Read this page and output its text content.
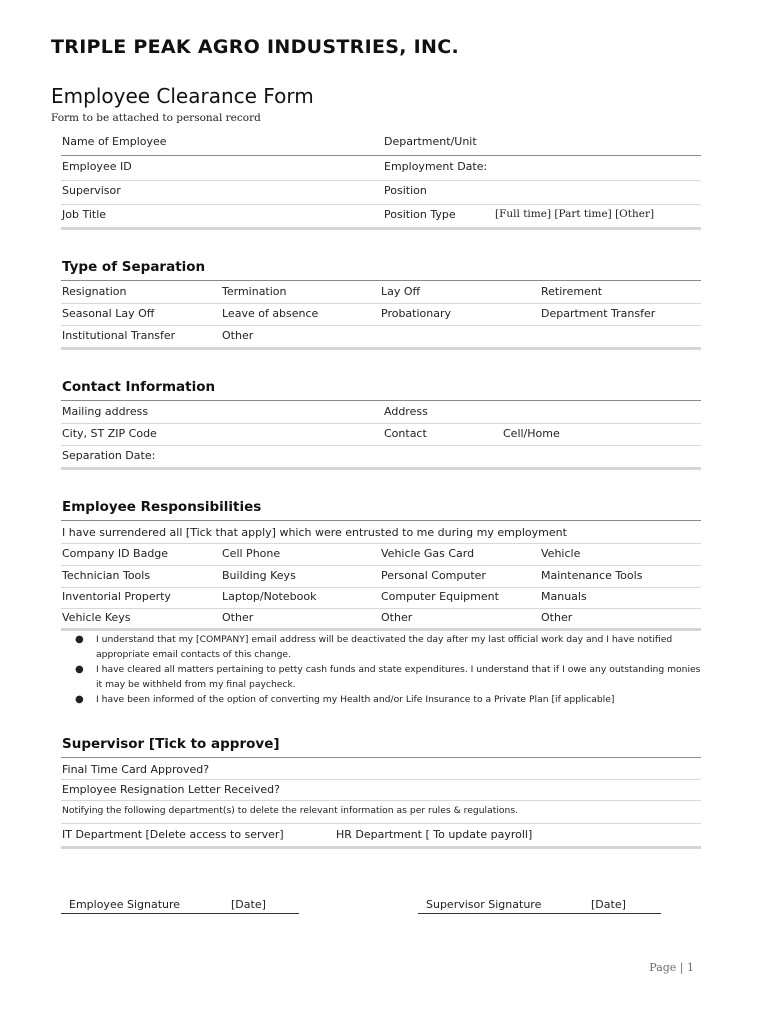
TRIPLE PEAK AGRO INDUSTRIES, INC.
Employee Clearance Form
Form to be attached to personal record
Name of Employee	Department/Unit
Employee ID	Employment Date:
Supervisor	Position
Job Title	Position Type	[Full time] [Part time] [Other]
Type of Separation
Resignation	Termination	Lay Off	Retirement
Seasonal Lay Off	Leave of absence	Probationary	Department Transfer
Institutional Transfer	Other
Contact Information
Mailing address	Address
City, ST ZIP Code	Contact	Cell/Home
Separation Date:
Employee Responsibilities
I have surrendered all [Tick that apply] which were entrusted to me during my employment
Company ID Badge	Cell Phone	Vehicle Gas Card	Vehicle
Technician Tools	Building Keys	Personal Computer	Maintenance Tools
Inventorial Property	Laptop/Notebook	Computer Equipment	Manuals
Vehicle Keys	Other	Other	Other
● I understand that my [COMPANY] email address will be deactivated the day after my last official work day and I have notified appropriate email contacts of this change.
● I have cleared all matters pertaining to petty cash funds and state expenditures. I understand that if I owe any outstanding monies it may be withheld from my final paycheck.
● I have been informed of the option of converting my Health and/or Life Insurance to a Private Plan [if applicable]
Supervisor [Tick to approve]
Final Time Card Approved?
Employee Resignation Letter Received?
Notifying the following department(s) to delete the relevant information as per rules & regulations.
IT Department [Delete access to server]	HR Department [ To update payroll]
Employee Signature	[Date]	Supervisor Signature	[Date]
Page | 1
